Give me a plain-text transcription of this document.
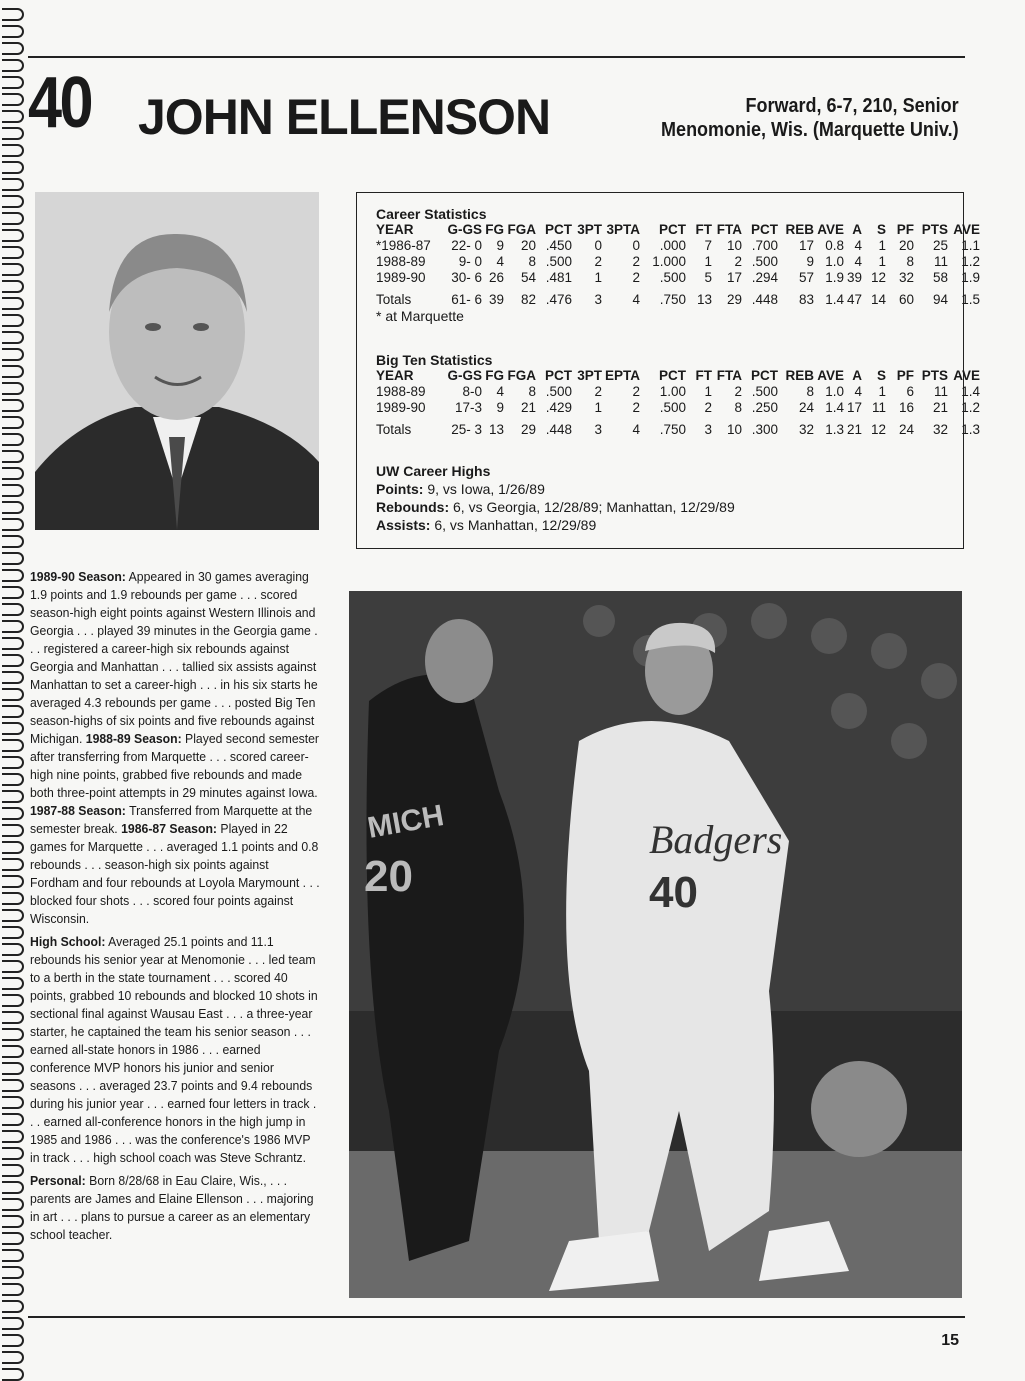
40 JOHN ELLENSON	Forward, 6-7, 210, Senior
Menomonie, Wis. (Marquette Univ.)
Career Statistics
YEAR	G-GS	FG	FGA	PCT	3PT	3PTA	PCT	FT	FTA	PCT	REB	AVE	A	S	PF	PTS	AVE
*1986-87	22- 0	9	20	.450	0	0	.000	7	10	.700	17	0.8	4	1	20	25	1.1
1988-89	9- 0	4	8	.500	2	2	1.000	1	2	.500	9	1.0	4	1	8	11	1.2
1989-90	30- 6	26	54	.481	1	2	.500	5	17	.294	57	1.9	39	12	32	58	1.9

Totals	61- 6	39	82	.476	3	4	.750	13	29	.448	83	1.4	47	14	60	94	1.5
* at Marquette
Big Ten Statistics
YEAR	G-GS	FG	FGA	PCT	3PT	EPTA	PCT	FT	FTA	PCT	REB	AVE	A	S	PF	PTS	AVE
1988-89	8-0	4	8	.500	2	2	1.00	1	2	.500	8	1.0	4	1	6	11	1.4
1989-90	17-3	9	21	.429	1	2	.500	2	8	.250	24	1.4	17	11	16	21	1.2

Totals	25- 3	13	29	.448	3	4	.750	3	10	.300	32	1.3	21	12	24	32	1.3
UW Career Highs
Points: 9, vs Iowa, 1/26/89
Rebounds: 6, vs Georgia, 12/28/89; Manhattan, 12/29/89
Assists: 6, vs Manhattan, 12/29/89

1989-90 Season: Appeared in 30 games averaging 1.9 points and 1.9 rebounds per game . . . scored season-high eight points against Western Illinois and Georgia . . . played 39 minutes in the Georgia game . . . registered a career-high six rebounds against Georgia and Manhattan . . . tallied six assists against Manhattan to set a career-high . . . in his six starts he averaged 4.3 rebounds per game . . . posted Big Ten season-highs of six points and five rebounds against Michigan. 1988-89 Season: Played second semester after transferring from Marquette . . . scored career-high nine points, grabbed five rebounds and made both three-point attempts in 29 minutes against Iowa. 1987-88 Season: Transferred from Marquette at the semester break. 1986-87 Season: Played in 22 games for Marquette . . . averaged 1.1 points and 0.8 rebounds . . . season-high six points against Fordham and four rebounds at Loyola Marymount . . . blocked four shots . . . scored four points against Wisconsin.

High School: Averaged 25.1 points and 11.1 rebounds his senior year at Menomonie . . . led team to a berth in the state tournament . . . scored 40 points, grabbed 10 rebounds and blocked 10 shots in sectional final against Wausau East . . . a three-year starter, he captained the team his senior season . . . earned all-state honors in 1986 . . . earned conference MVP honors his junior and senior seasons . . . averaged 23.7 points and 9.4 rebounds during his junior year . . . earned four letters in track . . . earned all-conference honors in the high jump in 1985 and 1986 . . . was the conference's 1986 MVP in track . . . high school coach was Steve Schrantz.

Personal: Born 8/28/68 in Eau Claire, Wis., . . . parents are James and Elaine Ellenson . . . majoring in art . . . plans to pursue a career as an elementary school teacher.

Badgers
40
MICH
20
15
